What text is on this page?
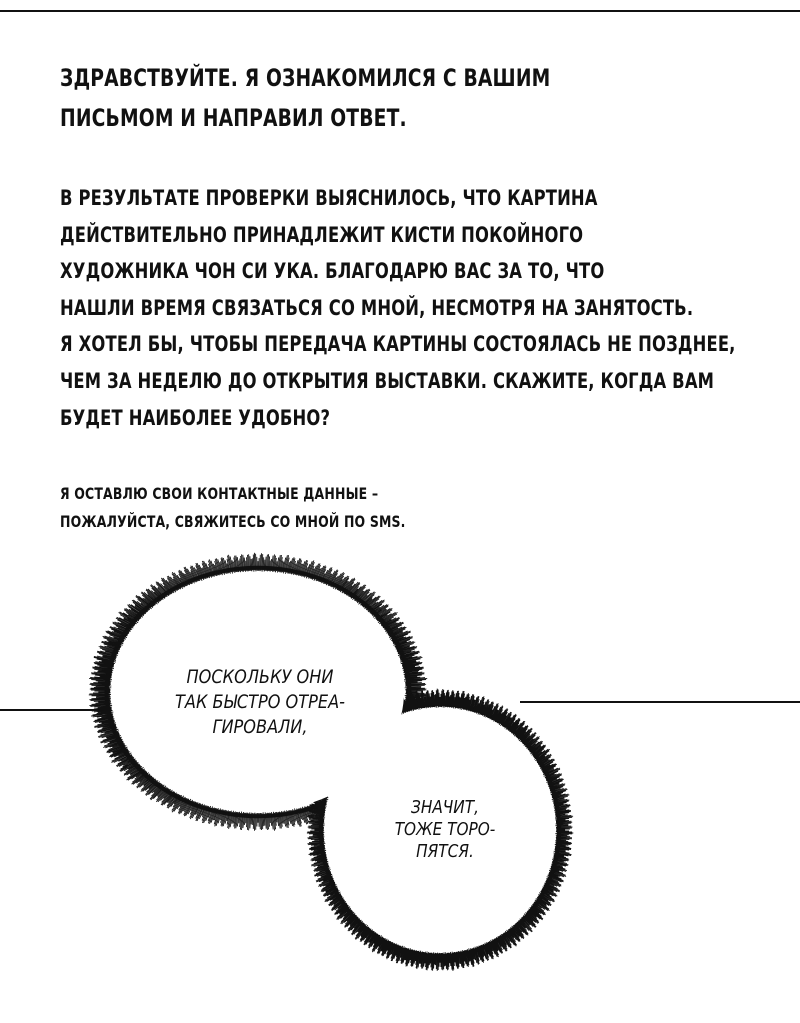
ЗДРАВСТВУЙТЕ. Я ОЗНАКОМИЛСЯ С ВАШИМ
ПИСЬМОМ И НАПРАВИЛ ОТВЕТ.
В РЕЗУЛЬТАТЕ ПРОВЕРКИ ВЫЯСНИЛОСЬ, ЧТО КАРТИНА
ДЕЙСТВИТЕЛЬНО ПРИНАДЛЕЖИТ КИСТИ ПОКОЙНОГО
ХУДОЖНИКА ЧОН СИ УКА. БЛАГОДАРЮ ВАС ЗА ТО, ЧТО
НАШЛИ ВРЕМЯ СВЯЗАТЬСЯ СО МНОЙ, НЕСМОТРЯ НА ЗАНЯТОСТЬ.
Я ХОТЕЛ БЫ, ЧТОБЫ ПЕРЕДАЧА КАРТИНЫ СОСТОЯЛАСЬ НЕ ПОЗДНЕЕ,
ЧЕМ ЗА НЕДЕЛЮ ДО ОТКРЫТИЯ ВЫСТАВКИ. СКАЖИТЕ, КОГДА ВАМ
БУДЕТ НАИБОЛЕЕ УДОБНО?
Я ОСТАВЛЮ СВОИ КОНТАКТНЫЕ ДАННЫЕ –
ПОЖАЛУЙСТА, СВЯЖИТЕСЬ СО МНОЙ ПО SMS.
ПОСКОЛЬКУ ОНИ
ТАК БЫСТРО ОТРЕА-
ГИРОВАЛИ,
ЗНАЧИТ,
ТОЖЕ ТОРО-
ПЯТСЯ.
